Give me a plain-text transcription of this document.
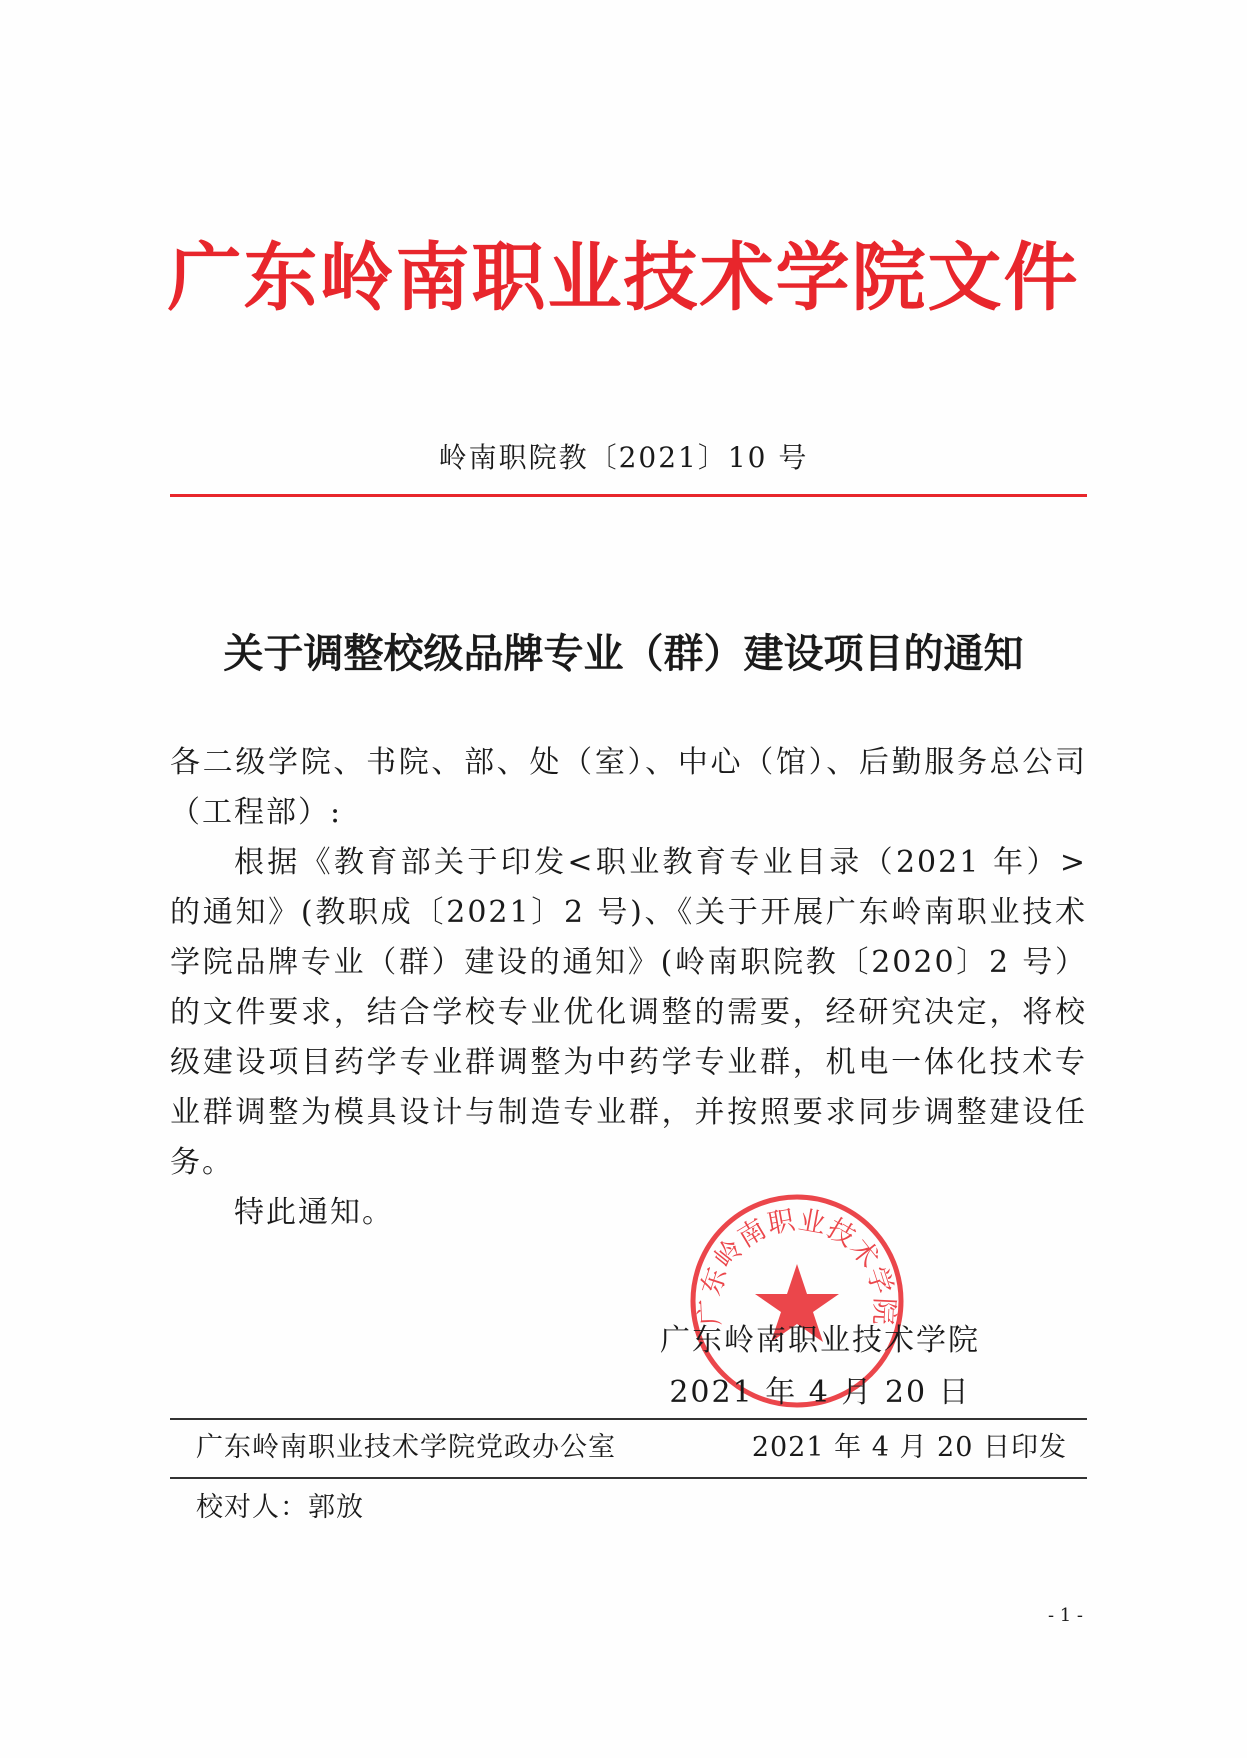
广东岭南职业技术学院文件
岭南职院教〔2021〕10 号
关于调整校级品牌专业（群）建设项目的通知

各二级学院、书院、部、处（室）、中心（馆）、后勤服务总公司（工程部）:

根据《教育部关于印发<职业教育专业目录（2021 年）>的通知》(教职成〔2021〕2 号)、《关于开展广东岭南职业技术学院品牌专业（群）建设的通知》(岭南职院教〔2020〕2 号）的文件要求，结合学校专业优化调整的需要，经研究决定，将校级建设项目药学专业群调整为中药学专业群，机电一体化技术专业群调整为模具设计与制造专业群，并按照要求同步调整建设任务。

特此通知。

广东岭南职业技术学院
广东岭南职业技术学院
2021 年 4 月 20 日
广东岭南职业技术学院党政办公室	2021 年 4 月 20 日印发
校对人：郭放
- 1 -
